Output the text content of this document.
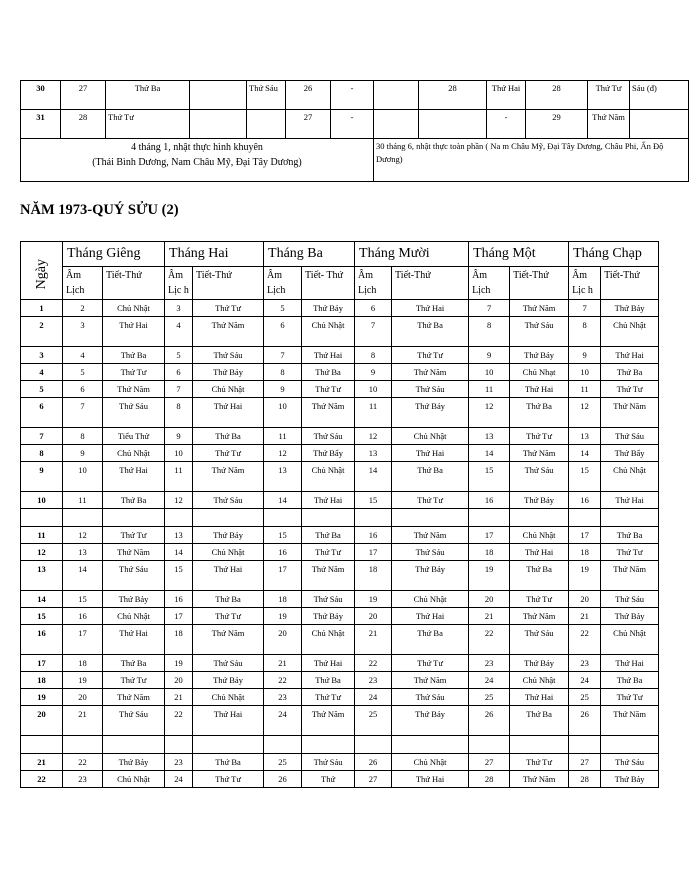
30	27	Thứ Ba		Thứ Sáu	26	-		28	Thứ Hai	28	Thứ Tư	Sáu (đ)	
31	28	Thứ Tư			27	-			-	29	Thứ Năm		

4 tháng 1, nhật thực hình khuyên
(Thái Bình Dương, Nam Châu Mỹ, Đại Tây Dương)							30 tháng 6, nhật thực toàn phần ( Na m Châu Mỹ, Đại Tây Dương, Châu Phi, Ấn Độ Dương)						
NĂM 1973-QUÝ SỬU (2)
Ngày	Tháng Giêng		Tháng Hai		Tháng Ba		Tháng Mười		Tháng Một		Tháng Chạp	
	Âm Lịch	Tiết-Thứ	Âm Lịc h	Tiết-Thứ	Âm Lịch	Tiết- Thứ	Âm Lịch	Tiết-Thứ	Âm Lịch	Tiết-Thứ	Âm Lịc h	Tiết-Thứ
1	2	Chủ Nhật	3	Thứ Tư	5	Thứ Bảy	6	Thứ Hai	7	Thứ Năm	7	Thứ Bảy
2	3	Thứ Hai	4	Thứ Năm	6	Chủ Nhật	7	Thứ Ba	8	Thứ Sáu	8	Chủ Nhật
3	4	Thứ Ba	5	Thứ Sáu	7	Thứ Hai	8	Thứ Tư	9	Thứ Bảy	9	Thứ Hai
4	5	Thứ Tư	6	Thứ Bảy	8	Thứ Ba	9	Thứ Năm	10	Chủ Nhạt	10	Thứ Ba
5	6	Thứ Năm	7	Chủ Nhật	9	Thứ Tư	10	Thứ Sáu	11	Thứ Hai	11	Thứ Tư
6	7	Thứ Sáu	8	Thứ Hai	10	Thứ Năm	11	Thứ Bảy	12	Thứ Ba	12	Thứ Năm
7	8	Tiểu Thử	9	Thứ Ba	11	Thứ Sáu	12	Chủ Nhật	13	Thứ Tư	13	Thứ Sáu
8	9	Chủ Nhật	10	Thứ Tư	12	Thứ Bẩy	13	Thứ Hai	14	Thứ Năm	14	Thứ Bẩy
9	10	Thứ Hai	11	Thứ Năm	13	Chủ Nhật	14	Thứ Ba	15	Thứ Sáu	15	Chủ Nhật
10	11	Thứ Ba	12	Thứ Sáu	14	Thứ Hai	15	Thứ Tư	16	Thứ Bảy	16	Thứ Hai

11	12	Thứ Tư	13	Thứ Bảy	15	Thứ Ba	16	Thứ Năm	17	Chủ Nhật	17	Thứ Ba
12	13	Thứ Năm	14	Chủ Nhật	16	Thứ Tư	17	Thứ Sáu	18	Thứ Hai	18	Thứ Tư
13	14	Thứ Sáu	15	Thứ Hai	17	Thứ Năm	18	Thứ Bảy	19	Thứ Ba	19	Thứ Năm
14	15	Thứ Bảy	16	Thứ Ba	18	Thứ Sáu	19	Chủ Nhật	20	Thứ Tư	20	Thứ Sáu
15	16	Chủ Nhật	17	Thứ Tư	19	Thứ Bảy	20	Thứ Hai	21	Thứ Năm	21	Thứ Bảy
16	17	Thứ Hai	18	Thứ Năm	20	Chủ Nhật	21	Thứ Ba	22	Thứ Sáu	22	Chủ Nhật
17	18	Thứ Ba	19	Thứ Sáu	21	Thứ Hai	22	Thứ Tư	23	Thứ Bảy	23	Thứ Hai
18	19	Thứ Tư	20	Thứ Bảy	22	Thứ Ba	23	Thứ Năm	24	Chủ Nhật	24	Thứ Ba
19	20	Thứ Năm	21	Chủ Nhật	23	Thứ Tư	24	Thứ Sáu	25	Thứ Hai	25	Thứ Tư
20	21	Thứ Sáu	22	Thứ Hai	24	Thứ Năm	25	Thứ Bảy	26	Thứ Ba	26	Thứ Năm

21	22	Thứ Bảy	23	Thứ Ba	25	Thứ Sáu	26	Chủ Nhật	27	Thứ Tư	27	Thứ Sáu
22	23	Chủ Nhật	24	Thứ Tư	26	Thứ	27	Thứ Hai	28	Thứ Năm	28	Thứ Bảy
